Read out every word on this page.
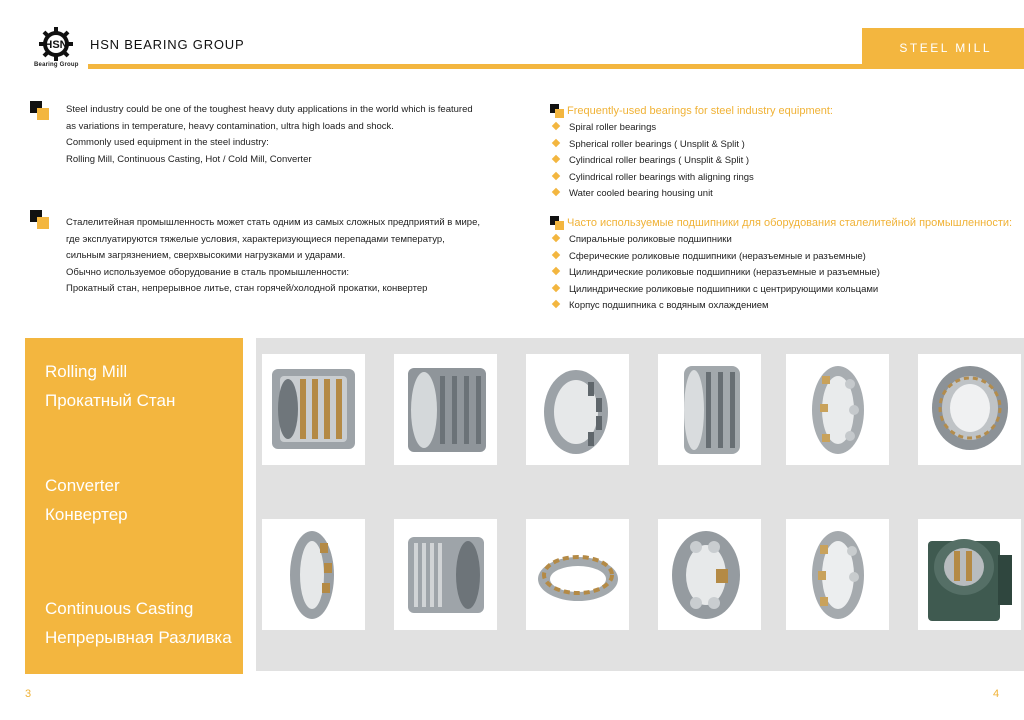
HSN
Bearing Group
HSN BEARING GROUP	STEEL MILL
Steel industry could be one of the toughest heavy duty applications in the world which is featured
as variations in temperature, heavy contamination, ultra high loads and shock.
Commonly used equipment in the steel industry:
Rolling Mill, Continuous Casting, Hot / Cold Mill, Converter
Frequently-used bearings for steel industry equipment:
Spiral roller bearings
Spherical roller bearings ( Unsplit & Split )
Cylindrical roller bearings ( Unsplit & Split )
Cylindrical roller bearings with aligning rings
Water cooled bearing housing unit
Сталелитейная промышленность может стать одним из самых сложных предприятий в мире,
где эксплуатируются тяжелые условия, характеризующиеся перепадами температур,
сильным загрязнением, сверхвысокими нагрузками и ударами.
Обычно используемое оборудование в сталь промышленности:
Прокатный стан, непрерывное литье, стан горячей/холодной прокатки, конвертер
Часто используемые подшипники для оборудования сталелитейной промышленности:
Спиральные роликовые подшипники
Сферические роликовые подшипники (неразъемные и разъемные)
Цилиндрические роликовые подшипники (неразъемные и разъемные)
Цилиндрические роликовые подшипники с центрирующими кольцами
Корпус подшипника с водяным охлаждением
Rolling Mill
Прокатный Стан
Converter
Конвертер
Continuous Casting
Непрерывная Разливка
3	4
